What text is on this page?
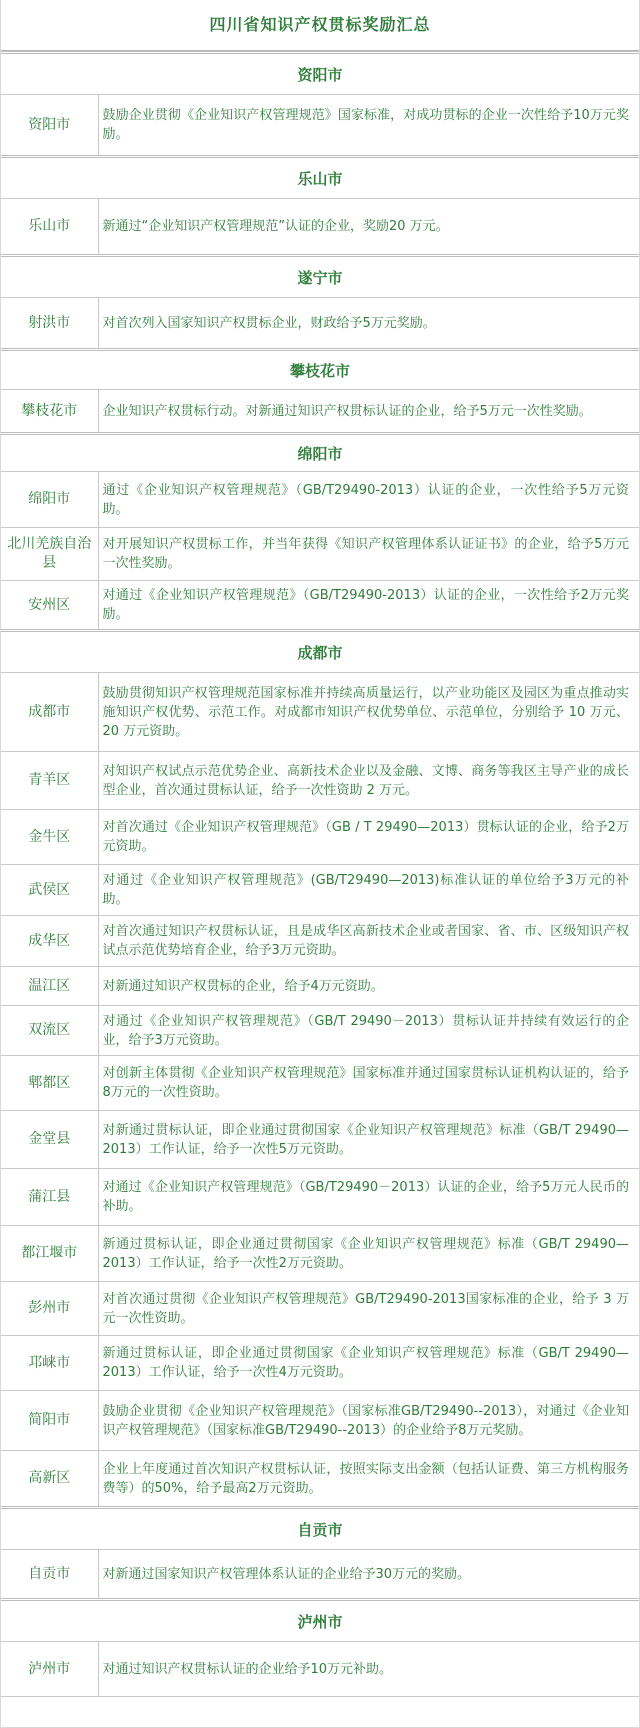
四川省知识产权贯标奖励汇总
资阳市	
资阳市	鼓励企业贯彻《企业知识产权管理规范》国家标准，对成功贯标的企业一次性给予10万元奖励。
乐山市	
乐山市	新通过“企业知识产权管理规范”认证的企业，奖励20 万元。
遂宁市	
射洪市	对首次列入国家知识产权贯标企业，财政给予5万元奖励。
攀枝花市	
攀枝花市	企业知识产权贯标行动。对新通过知识产权贯标认证的企业，给予5万元一次性奖励。
绵阳市	
绵阳市	通过《企业知识产权管理规范》（GB/T29490-2013）认证的企业，一次性给予5万元资助。
北川羌族自治县	对开展知识产权贯标工作，并当年获得《知识产权管理体系认证证书》的企业，给予5万元一次性奖励。
安州区	对通过《企业知识产权管理规范》（GB/T29490-2013）认证的企业，一次性给予2万元奖励。
成都市	
成都市	鼓励贯彻知识产权管理规范国家标准并持续高质量运行，以产业功能区及园区为重点推动实施知识产权优势、示范工作。对成都市知识产权优势单位、示范单位，分别给予 10 万元、20 万元资助。
青羊区	对知识产权试点示范优势企业、高新技术企业以及金融、文博、商务等我区主导产业的成长型企业，首次通过贯标认证，给予一次性资助 2 万元。
金牛区	对首次通过《企业知识产权管理规范》（GB / T 29490—2013）贯标认证的企业，给予2万元资助。
武侯区	对通过《企业知识产权管理规范》(GB/T29490—2013)标准认证的单位给予3万元的补助。
成华区	对首次通过知识产权贯标认证，且是成华区高新技术企业或者国家、省、市、区级知识产权试点示范优势培育企业，给予3万元资助。
温江区	对新通过知识产权贯标的企业，给予4万元资助。
双流区	对通过《企业知识产权管理规范》（GB/T 29490－2013）贯标认证并持续有效运行的企业，给予3万元资助。
郫都区	对创新主体贯彻《企业知识产权管理规范》国家标准并通过国家贯标认证机构认证的，给予8万元的一次性资助。
金堂县	对新通过贯标认证，即企业通过贯彻国家《企业知识产权管理规范》标准（GB/T 29490—2013）工作认证，给予一次性5万元资助。
蒲江县	对通过《企业知识产权管理规范》（GB/T29490－2013）认证的企业，给予5万元人民币的补助。
都江堰市	新通过贯标认证，即企业通过贯彻国家《企业知识产权管理规范》标准（GB/T 29490—2013）工作认证，给予一次性2万元资助。
彭州市	对首次通过贯彻《企业知识产权管理规范》GB/T29490-2013国家标准的企业，给予 3 万元一次性资助。
邛崃市	新通过贯标认证，即企业通过贯彻国家《企业知识产权管理规范》标准（GB/T 29490—2013）工作认证，给予一次性4万元资助。
简阳市	鼓励企业贯彻《企业知识产权管理规范》（国家标准GB/T29490--2013），对通过《企业知识产权管理规范》（国家标准GB/T29490--2013）的企业给予8万元奖励。
高新区	企业上年度通过首次知识产权贯标认证，按照实际支出金额（包括认证费、第三方机构服务费等）的50%，给予最高2万元资助。
自贡市	
自贡市	对新通过国家知识产权管理体系认证的企业给予30万元的奖励。
泸州市	
泸州市	对通过知识产权贯标认证的企业给予10万元补助。
